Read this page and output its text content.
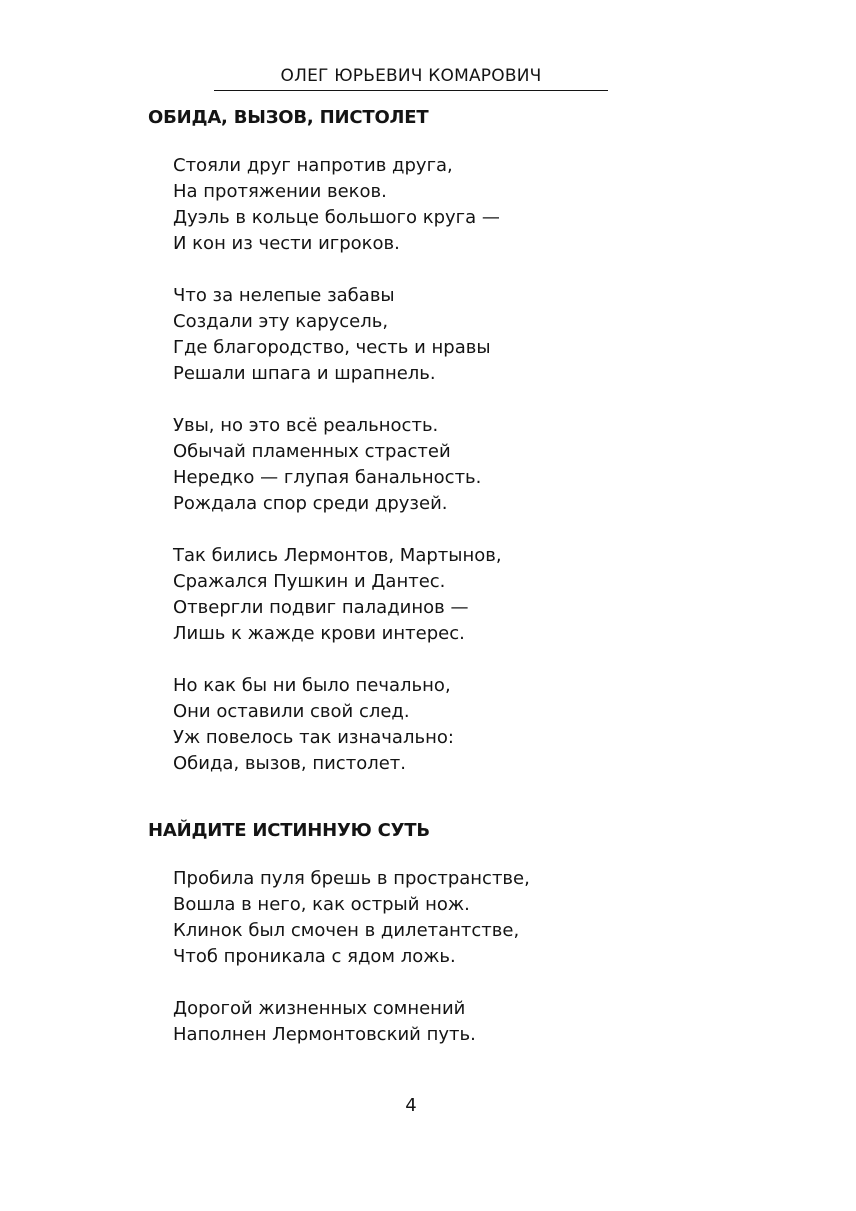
ОЛЕГ ЮРЬЕВИЧ КОМАРОВИЧ
ОБИДА, ВЫЗОВ, ПИСТОЛЕТ
Стояли друг напротив друга,
На протяжении веков.
Дуэль в кольце большого круга —
И кон из чести игроков.
Что за нелепые забавы
Создали эту карусель,
Где благородство, честь и нравы
Решали шпага и шрапнель.
Увы, но это всё реальность.
Обычай пламенных страстей
Нередко — глупая банальность.
Рождала спор среди друзей.
Так бились Лермонтов, Мартынов,
Сражался Пушкин и Дантес.
Отвергли подвиг паладинов —
Лишь к жажде крови интерес.
Но как бы ни было печально,
Они оставили свой след.
Уж повелось так изначально:
Обида, вызов, пистолет.
НАЙДИТЕ ИСТИННУЮ СУТЬ
Пробила пуля брешь в пространстве,
Вошла в него, как острый нож.
Клинок был смочен в дилетантстве,
Чтоб проникала с ядом ложь.
Дорогой жизненных сомнений
Наполнен Лермонтовский путь.
4
